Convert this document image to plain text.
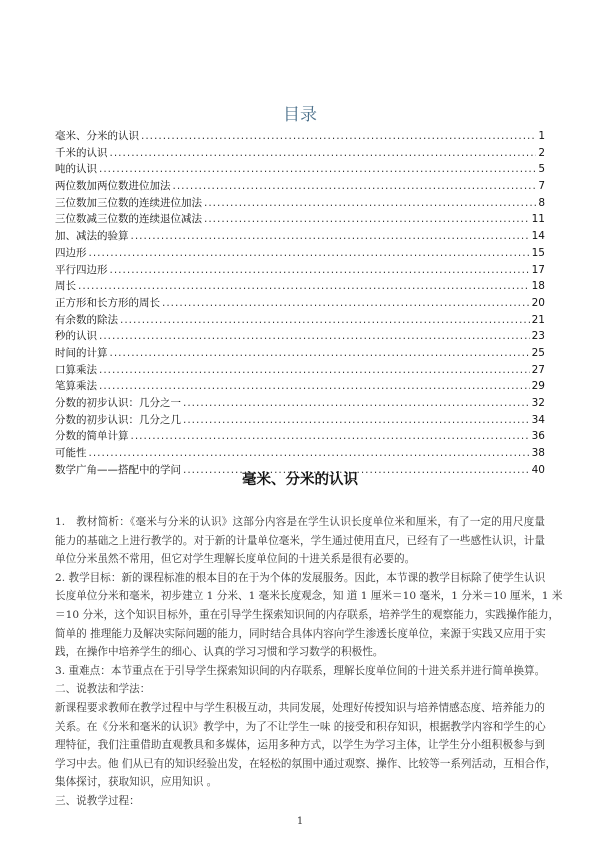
目录
毫米、分米的认识 .....	1
千米的认识 .....	2
吨的认识 .....	5
两位数加两位数进位加法 .....	7
三位数加三位数的连续进位加法 .....	8
三位数减三位数的连续退位减法 .....	11
加、减法的验算 .....	14
四边形 .....	15
平行四边形 .....	17
周长 .....	18
正方形和长方形的周长 .....	20
有余数的除法 .....	21
秒的认识 .....	23
时间的计算 .....	25
口算乘法 .....	27
笔算乘法 .....	29
分数的初步认识：几分之一 .....	32
分数的初步认识：几分之几 .....	34
分数的简单计算 .....	36
可能性 .....	38
数学广角——搭配中的学问 .....	40
毫米、分米的认识
1.　教材简析：《毫米与分米的认识》这部分内容是在学生认识长度单位米和厘米，有了一定的用尺度量
能力的基础之上进行教学的。对于新的计量单位毫米，学生通过使用直尺，已经有了一些感性认识，计量
单位分米虽然不常用，但它对学生理解长度单位间的十进关系是很有必要的。
2. 教学目标：新的课程标准的根本目的在于为个体的发展服务。因此，本节课的教学目标除了使学生认识
长度单位分米和毫米，初步建立 1 分米、1 毫米长度观念，知 道 1 厘米＝10 毫米，1 分米＝10 厘米，1 米
＝10 分米，这个知识目标外，重在引导学生探索知识间的内存联系，培养学生的观察能力，实践操作能力，
简单的 推理能力及解决实际问题的能力，同时结合具体内容向学生渗透长度单位，来源于实践又应用于实
践，在操作中培养学生的细心、认真的学习习惯和学习数学的积极性。
3. 重难点：本节重点在于引导学生探索知识间的内存联系，理解长度单位间的十进关系并进行简单换算。
二、说教法和学法：
新课程要求教师在教学过程中与学生积极互动，共同发展，处理好传授知识与培养情感态度、培养能力的
关系。在《分米和毫米的认识》教学中，为了不让学生一味 的接受和积存知识，根据教学内容和学生的心
理特征，我们注重借助直观教具和多媒体，运用多种方式，以学生为学习主体，让学生分小组积极参与到
学习中去。他 们从已有的知识经验出发，在轻松的氛围中通过观察、操作、比较等一系列活动，互相合作，
集体探讨，获取知识，应用知识 。
三、说教学过程：
1
